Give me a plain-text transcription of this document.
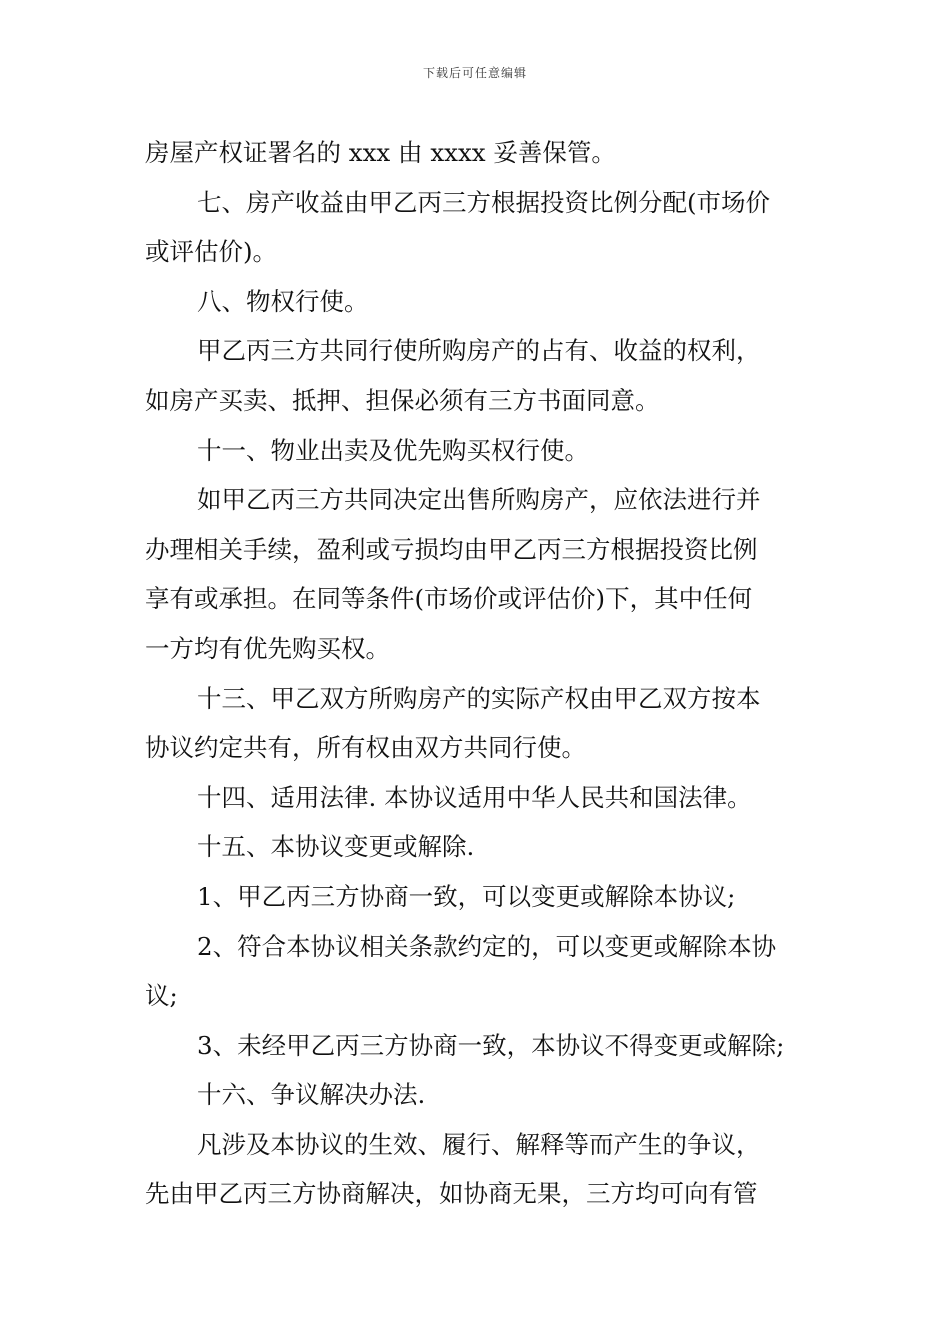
下载后可任意编辑
房屋产权证署名的 xxx 由 xxxx 妥善保管。
七、房产收益由甲乙丙三方根据投资比例分配(市场价
或评估价)。
八、物权行使。
甲乙丙三方共同行使所购房产的占有、收益的权利，
如房产买卖、抵押、担保必须有三方书面同意。
十一、物业出卖及优先购买权行使。
如甲乙丙三方共同决定出售所购房产，应依法进行并
办理相关手续，盈利或亏损均由甲乙丙三方根据投资比例
享有或承担。在同等条件(市场价或评估价)下，其中任何
一方均有优先购买权。
十三、甲乙双方所购房产的实际产权由甲乙双方按本
协议约定共有，所有权由双方共同行使。
十四、适用法律. 本协议适用中华人民共和国法律。
十五、本协议变更或解除.
1、甲乙丙三方协商一致，可以变更或解除本协议;
2、符合本协议相关条款约定的，可以变更或解除本协
议;
3、未经甲乙丙三方协商一致，本协议不得变更或解除;
十六、争议解决办法.
凡涉及本协议的生效、履行、解释等而产生的争议，
先由甲乙丙三方协商解决，如协商无果，三方均可向有管
